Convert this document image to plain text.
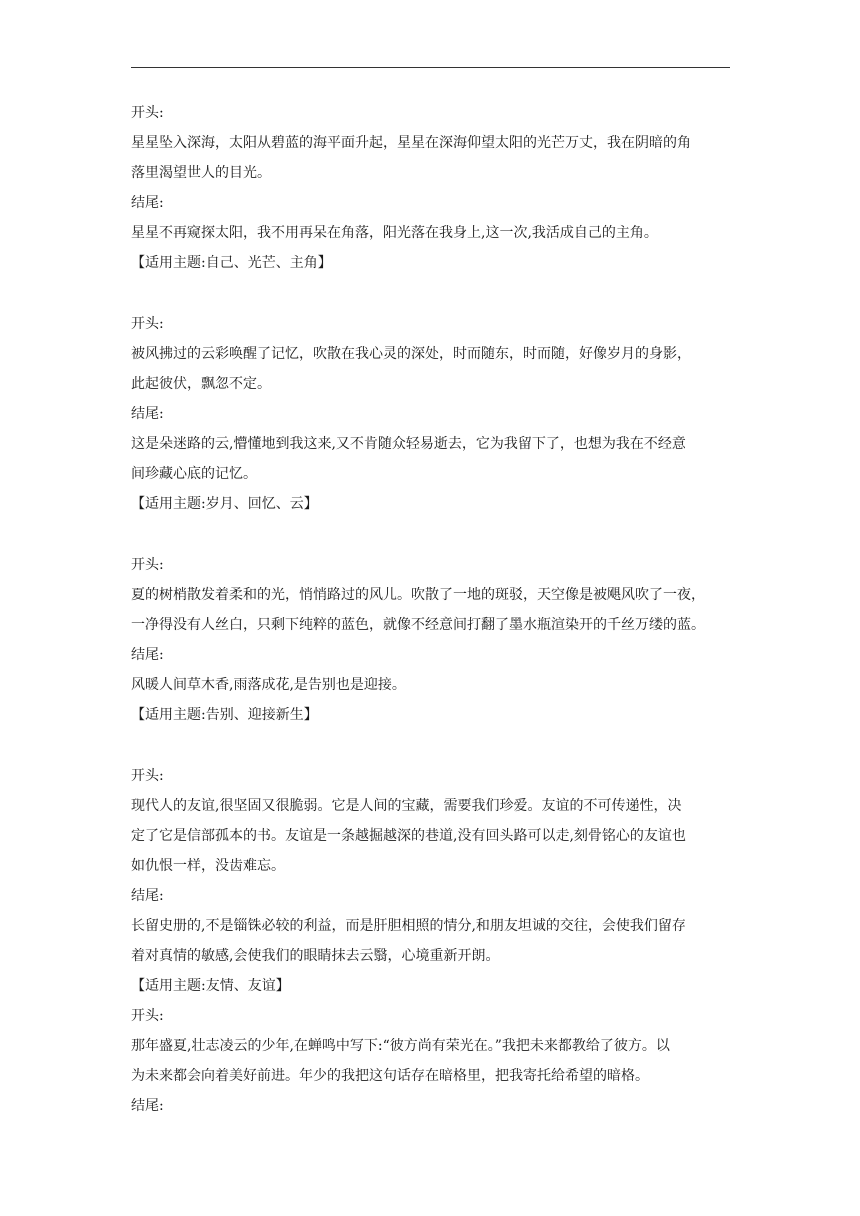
开头:
星星坠入深海，太阳从碧蓝的海平面升起，星星在深海仰望太阳的光芒万丈，我在阴暗的角
落里渴望世人的目光。
结尾:
星星不再窥探太阳，我不用再呆在角落，阳光落在我身上,这一次,我活成自己的主角。
【适用主题:自己、光芒、主角】
开头:
被风拂过的云彩唤醒了记忆，吹散在我心灵的深处，时而随东，时而随，好像岁月的身影，
此起彼伏，飘忽不定。
结尾:
这是朵迷路的云,懵懂地到我这来,又不肯随众轻易逝去，它为我留下了，也想为我在不经意
间珍藏心底的记忆。
【适用主题:岁月、回忆、云】
开头:
夏的树梢散发着柔和的光，悄悄路过的风儿。吹散了一地的斑驳，天空像是被飓风吹了一夜，
一净得没有人丝白，只剩下纯粹的蓝色，就像不经意间打翻了墨水瓶渲染开的千丝万缕的蓝。
结尾:
风暖人间草木香,雨落成花,是告别也是迎接。
【适用主题:告别、迎接新生】
开头:
现代人的友谊,很坚固又很脆弱。它是人间的宝藏，需要我们珍爱。友谊的不可传递性，决
定了它是信部孤本的书。友谊是一条越掘越深的巷道,没有回头路可以走,刻骨铭心的友谊也
如仇恨一样，没齿难忘。
结尾:
长留史册的,不是锱铢必较的利益，而是肝胆相照的情分,和朋友坦诚的交往，会使我们留存
着对真情的敏感,会使我们的眼睛抹去云翳，心境重新开朗。
【适用主题:友情、友谊】
开头:
那年盛夏,壮志凌云的少年,在蝉鸣中写下:“彼方尚有荣光在。”我把未来都教给了彼方。以
为未来都会向着美好前进。年少的我把这句话存在暗格里，把我寄托给希望的暗格。
结尾:
